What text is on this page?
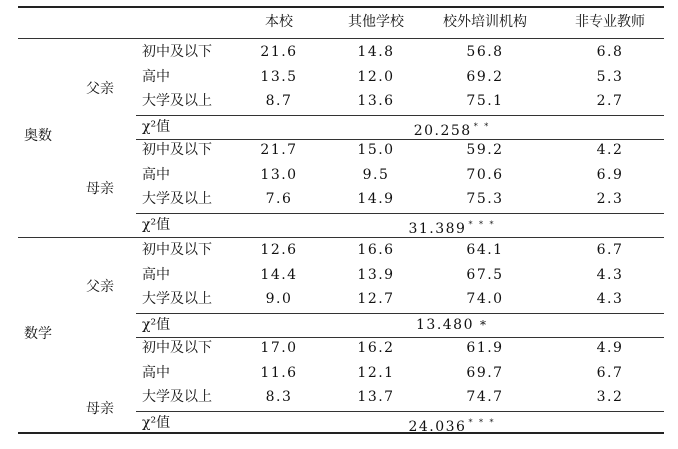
本校	其他学校	校外培训机构	非专业教师
奥数
父亲
初中及以下	21.6	14.8	56.8	6.8
高中	13.5	12.0	69.2	5.3
大学及以上	8.7	13.6	75.1	2.7
χ²值	20.258 * *
母亲
初中及以下	21.7	15.0	59.2	4.2
高中	13.0	9.5	70.6	6.9
大学及以上	7.6	14.9	75.3	2.3
χ²值	31.389 * * *
数学
父亲
初中及以下	12.6	16.6	64.1	6.7
高中	14.4	13.9	67.5	4.3
大学及以上	9.0	12.7	74.0	4.3
χ²值	13.480 *
母亲
初中及以下	17.0	16.2	61.9	4.9
高中	11.6	12.1	69.7	6.7
大学及以上	8.3	13.7	74.7	3.2
χ²值	24.036 * * *
